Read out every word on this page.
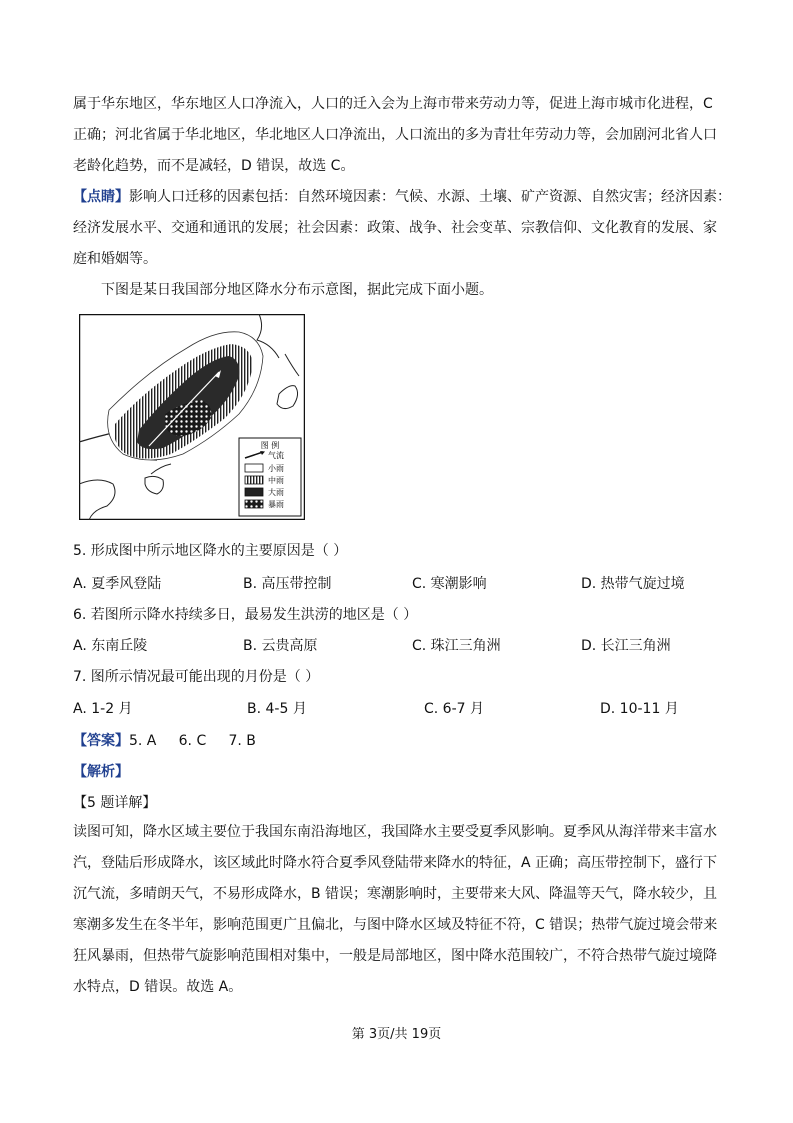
属于华东地区，华东地区人口净流入，人口的迁入会为上海市带来劳动力等，促进上海市城市化进程，C
正确；河北省属于华北地区，华北地区人口净流出，人口流出的多为青壮年劳动力等，会加剧河北省人口
老龄化趋势，而不是减轻，D 错误，故选 C。
【点睛】影响人口迁移的因素包括：自然环境因素：气候、水源、土壤、矿产资源、自然灾害；经济因素：
经济发展水平、交通和通讯的发展；社会因素：政策、战争、社会变革、宗教信仰、文化教育的发展、家
庭和婚姻等。
下图是某日我国部分地区降水分布示意图，据此完成下面小题。
图 例
气流
小雨
中雨
大雨
暴雨
5. 形成图中所示地区降水的主要原因是（ ）
A. 夏季风登陆	B. 高压带控制	C. 寒潮影响	D. 热带气旋过境
6. 若图所示降水持续多日，最易发生洪涝的地区是（ ）
A. 东南丘陵	B. 云贵高原	C. 珠江三角洲	D. 长江三角洲
7. 图所示情况最可能出现的月份是（ ）
A. 1-2 月	B. 4-5 月	C. 6-7 月	D. 10-11 月
【答案】5. A     6. C     7. B
【解析】
【5 题详解】
读图可知，降水区域主要位于我国东南沿海地区，我国降水主要受夏季风影响。夏季风从海洋带来丰富水
汽，登陆后形成降水，该区域此时降水符合夏季风登陆带来降水的特征，A 正确；高压带控制下，盛行下
沉气流，多晴朗天气，不易形成降水，B 错误；寒潮影响时，主要带来大风、降温等天气，降水较少，且
寒潮多发生在冬半年，影响范围更广且偏北，与图中降水区域及特征不符，C 错误；热带气旋过境会带来
狂风暴雨，但热带气旋影响范围相对集中，一般是局部地区，图中降水范围较广，不符合热带气旋过境降
水特点，D 错误。故选 A。
第 3页/共 19页
